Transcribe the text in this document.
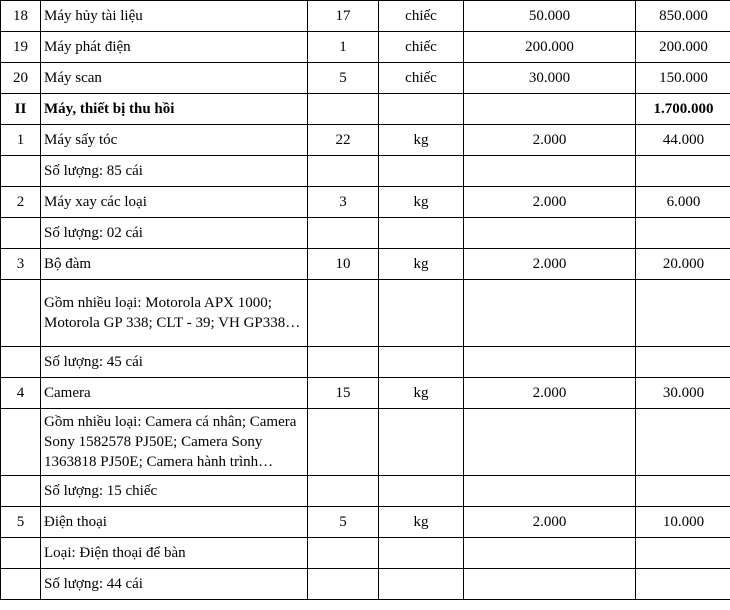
18	Máy hủy tài liệu	17	chiếc	50.000	850.000
19	Máy phát điện	1	chiếc	200.000	200.000
20	Máy scan	5	chiếc	30.000	150.000
II	Máy, thiết bị thu hồi				1.700.000
1	Máy sấy tóc	22	kg	2.000	44.000
	Số lượng: 85 cái				
2	Máy xay các loại	3	kg	2.000	6.000
	Số lượng: 02 cái				
3	Bộ đàm	10	kg	2.000	20.000
	Gồm nhiều loại: Motorola APX 1000; Motorola GP 338; CLT - 39; VH GP338…				
	Số lượng: 45 cái				
4	Camera	15	kg	2.000	30.000
	Gồm nhiều loại: Camera cá nhân; Camera Sony 1582578 PJ50E; Camera Sony 1363818 PJ50E; Camera hành trình…				
	Số lượng: 15 chiếc				
5	Điện thoại	5	kg	2.000	10.000
	Loại: Điện thoại để bàn				
	Số lượng: 44 cái				
